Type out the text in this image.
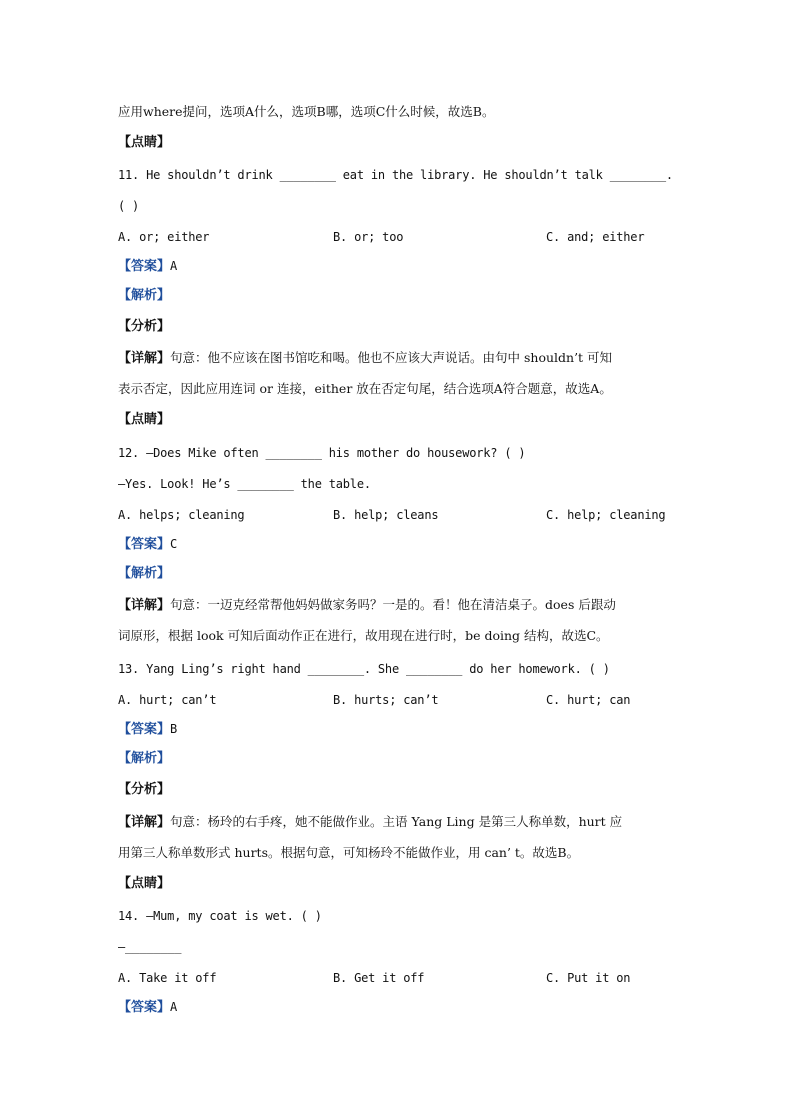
应用where提问，选项A什么，选项B哪，选项C什么时候，故选B。
【点睛】
11. He shouldn’t drink ________ eat in the library. He shouldn’t talk ________.
( )
A. or; either	B. or; too	C. and; either
【答案】A
【解析】
【分析】
【详解】句意：他不应该在图书馆吃和喝。他也不应该大声说话。由句中 shouldn’t 可知
表示否定，因此应用连词 or 连接，either 放在否定句尾，结合选项A符合题意，故选A。
【点睛】
12. —Does Mike often ________ his mother do housework? ( )
—Yes. Look! He’s ________ the table.
A. helps; cleaning	B. help; cleans	C. help; cleaning
【答案】C
【解析】
【详解】句意：一迈克经常帮他妈妈做家务吗？一是的。看！他在清洁桌子。does 后跟动
词原形，根据 look 可知后面动作正在进行，故用现在进行时，be doing 结构，故选C。
13. Yang Ling’s right hand ________. She ________ do her homework. ( )
A. hurt; can’t	B. hurts; can’t	C. hurt; can
【答案】B
【解析】
【分析】
【详解】句意：杨玲的右手疼，她不能做作业。主语 Yang Ling 是第三人称单数，hurt 应
用第三人称单数形式 hurts。根据句意，可知杨玲不能做作业，用 can’ t。故选B。
【点睛】
14. —Mum, my coat is wet. ( )
—________
A. Take it off	B. Get it off	C. Put it on
【答案】A
